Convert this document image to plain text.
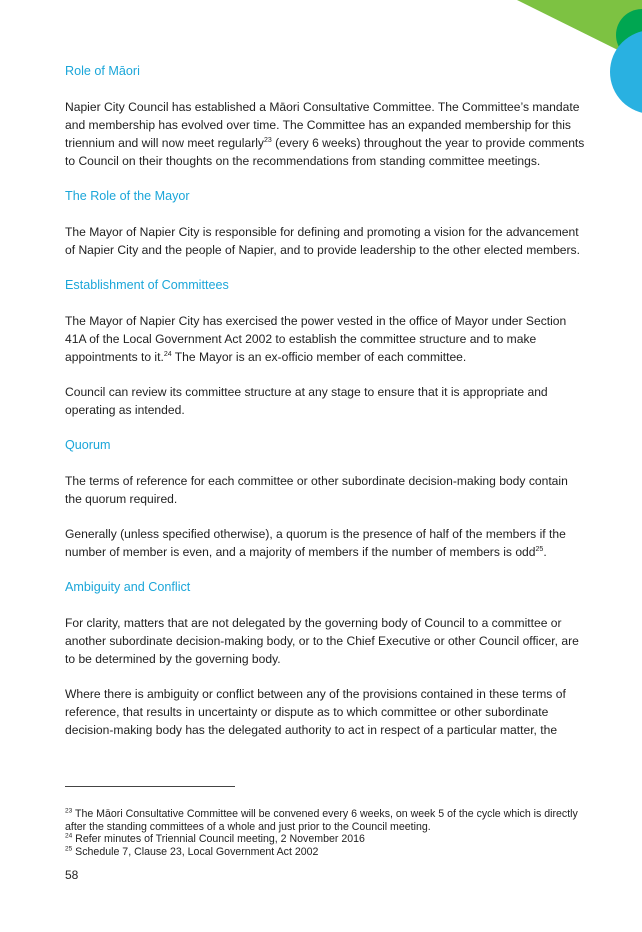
Role of Māori

Napier City Council has established a Māori Consultative Committee. The Committee’s mandate and membership has evolved over time. The Committee has an expanded membership for this triennium and will now meet regularly$^{23}$ (every 6 weeks) throughout the year to provide comments to Council on their thoughts on the recommendations from standing committee meetings.

The Role of the Mayor

The Mayor of Napier City is responsible for defining and promoting a vision for the advancement of Napier City and the people of Napier, and to provide leadership to the other elected members.

Establishment of Committees

The Mayor of Napier City has exercised the power vested in the office of Mayor under Section 41A of the Local Government Act 2002 to establish the committee structure and to make appointments to it.$^{24}$ The Mayor is an ex-officio member of each committee.

Council can review its committee structure at any stage to ensure that it is appropriate and operating as intended.

Quorum

The terms of reference for each committee or other subordinate decision-making body contain the quorum required.

Generally (unless specified otherwise), a quorum is the presence of half of the members if the number of member is even, and a majority of members if the number of members is odd$^{25}$.

Ambiguity and Conflict

For clarity, matters that are not delegated by the governing body of Council to a committee or another subordinate decision-making body, or to the Chief Executive or other Council officer, are to be determined by the governing body.

Where there is ambiguity or conflict between any of the provisions contained in these terms of reference, that results in uncertainty or dispute as to which committee or other subordinate decision-making body has the delegated authority to act in respect of a particular matter, the

$^{23}$ The Māori Consultative Committee will be convened every 6 weeks, on week 5 of the cycle which is directly after the standing committees of a whole and just prior to the Council meeting.

$^{24}$ Refer minutes of Triennial Council meeting, 2 November 2016

$^{25}$ Schedule 7, Clause 23, Local Government Act 2002

58
